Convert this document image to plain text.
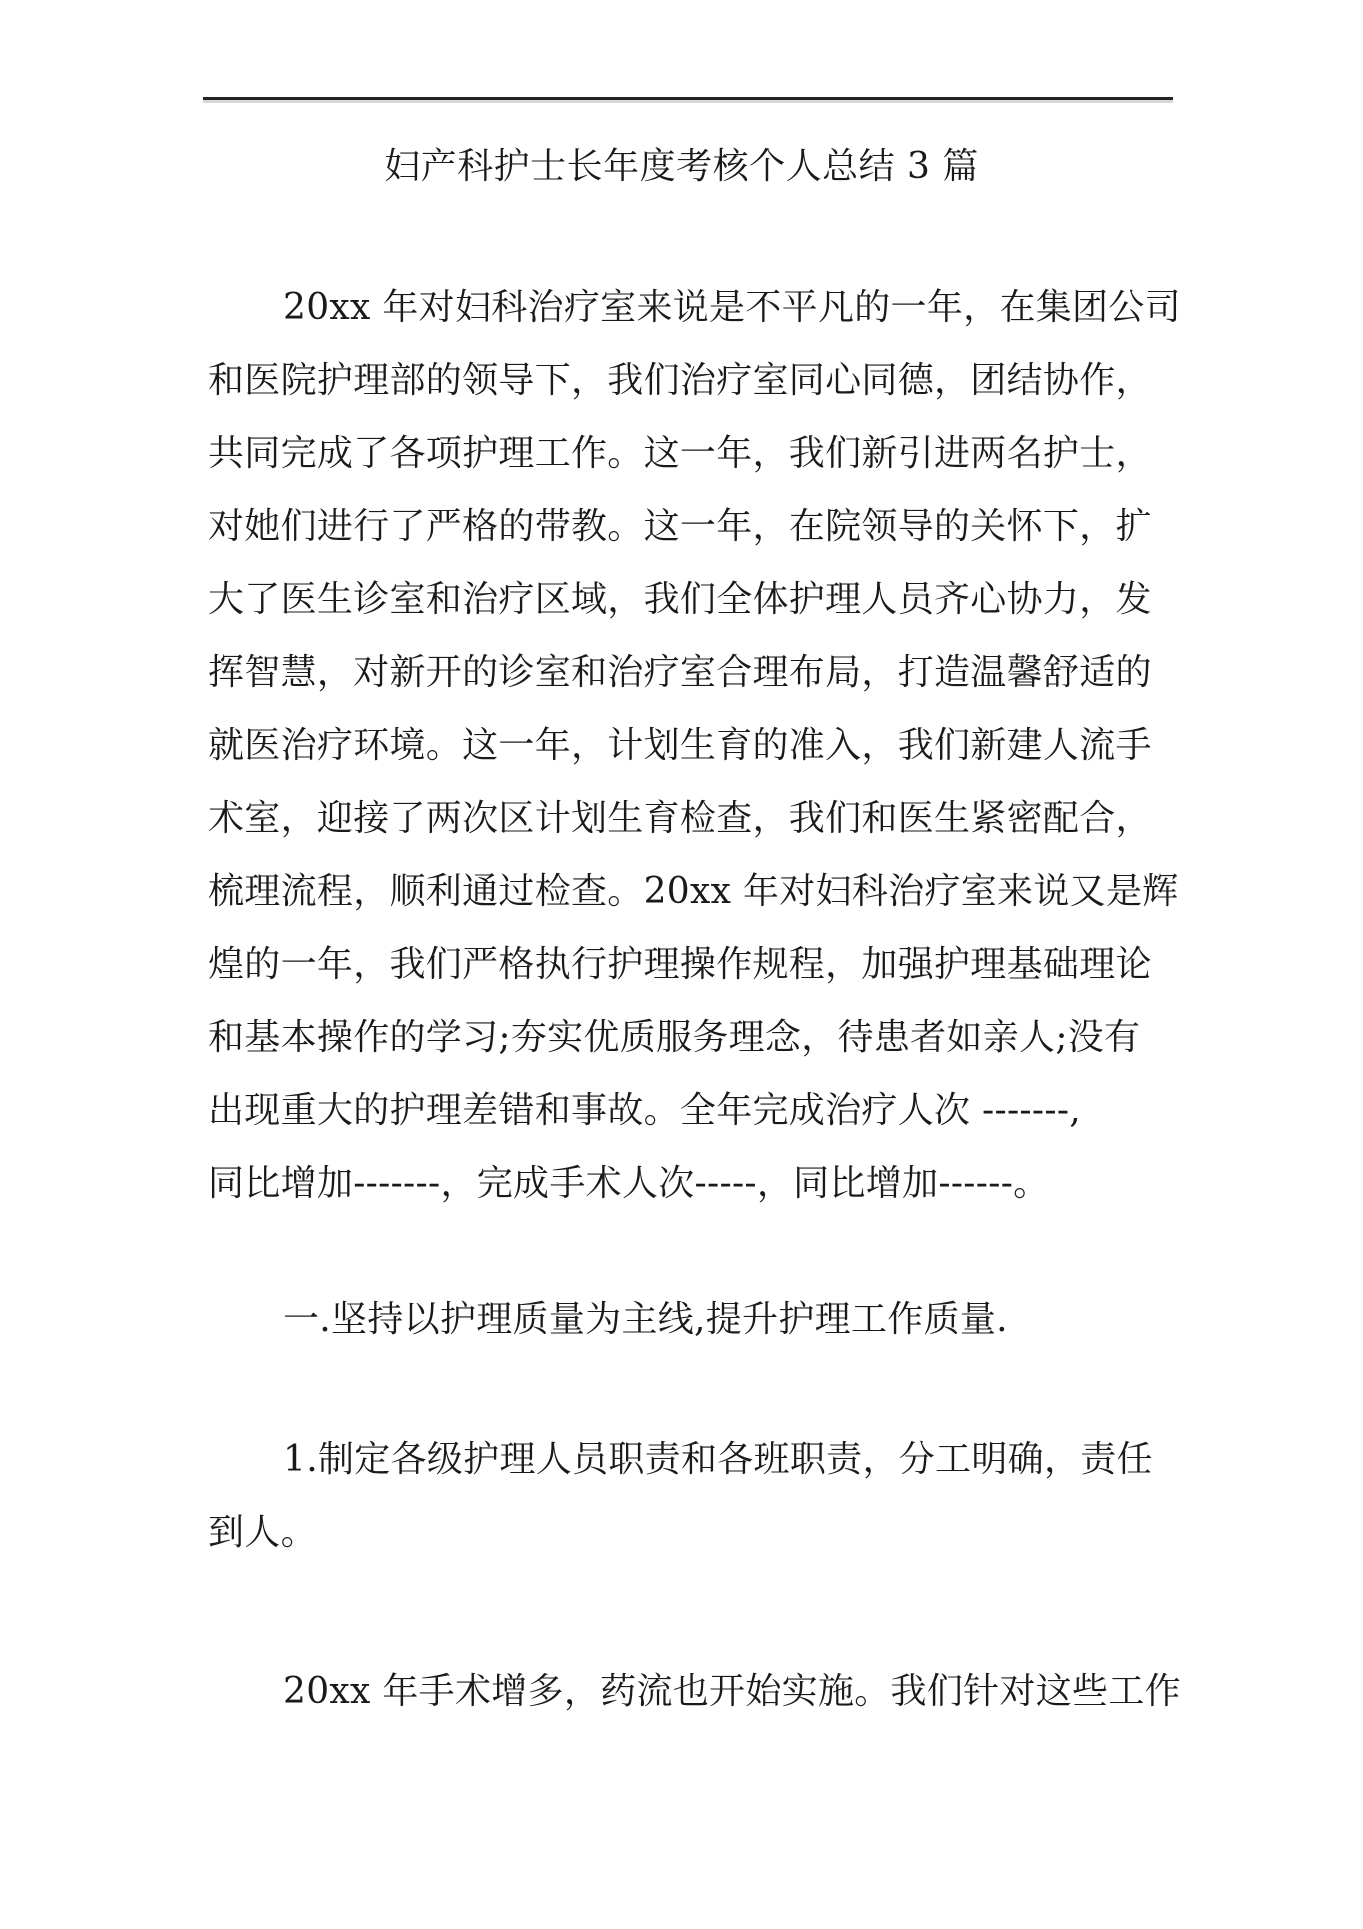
妇产科护士长年度考核个人总结 3 篇
20xx 年对妇科治疗室来说是不平凡的一年，在集团公司
和医院护理部的领导下，我们治疗室同心同德，团结协作，
共同完成了各项护理工作。这一年，我们新引进两名护士，
对她们进行了严格的带教。这一年，在院领导的关怀下，扩
大了医生诊室和治疗区域，我们全体护理人员齐心协力，发
挥智慧，对新开的诊室和治疗室合理布局，打造温馨舒适的
就医治疗环境。这一年，计划生育的准入，我们新建人流手
术室，迎接了两次区计划生育检查，我们和医生紧密配合，
梳理流程，顺利通过检查。20xx 年对妇科治疗室来说又是辉
煌的一年，我们严格执行护理操作规程，加强护理基础理论
和基本操作的学习;夯实优质服务理念，待患者如亲人;没有
出现重大的护理差错和事故。全年完成治疗人次 -------,
同比增加-------，完成手术人次-----，同比增加------。
一.坚持以护理质量为主线,提升护理工作质量.
1.制定各级护理人员职责和各班职责，分工明确，责任
到人。
20xx 年手术增多，药流也开始实施。我们针对这些工作
